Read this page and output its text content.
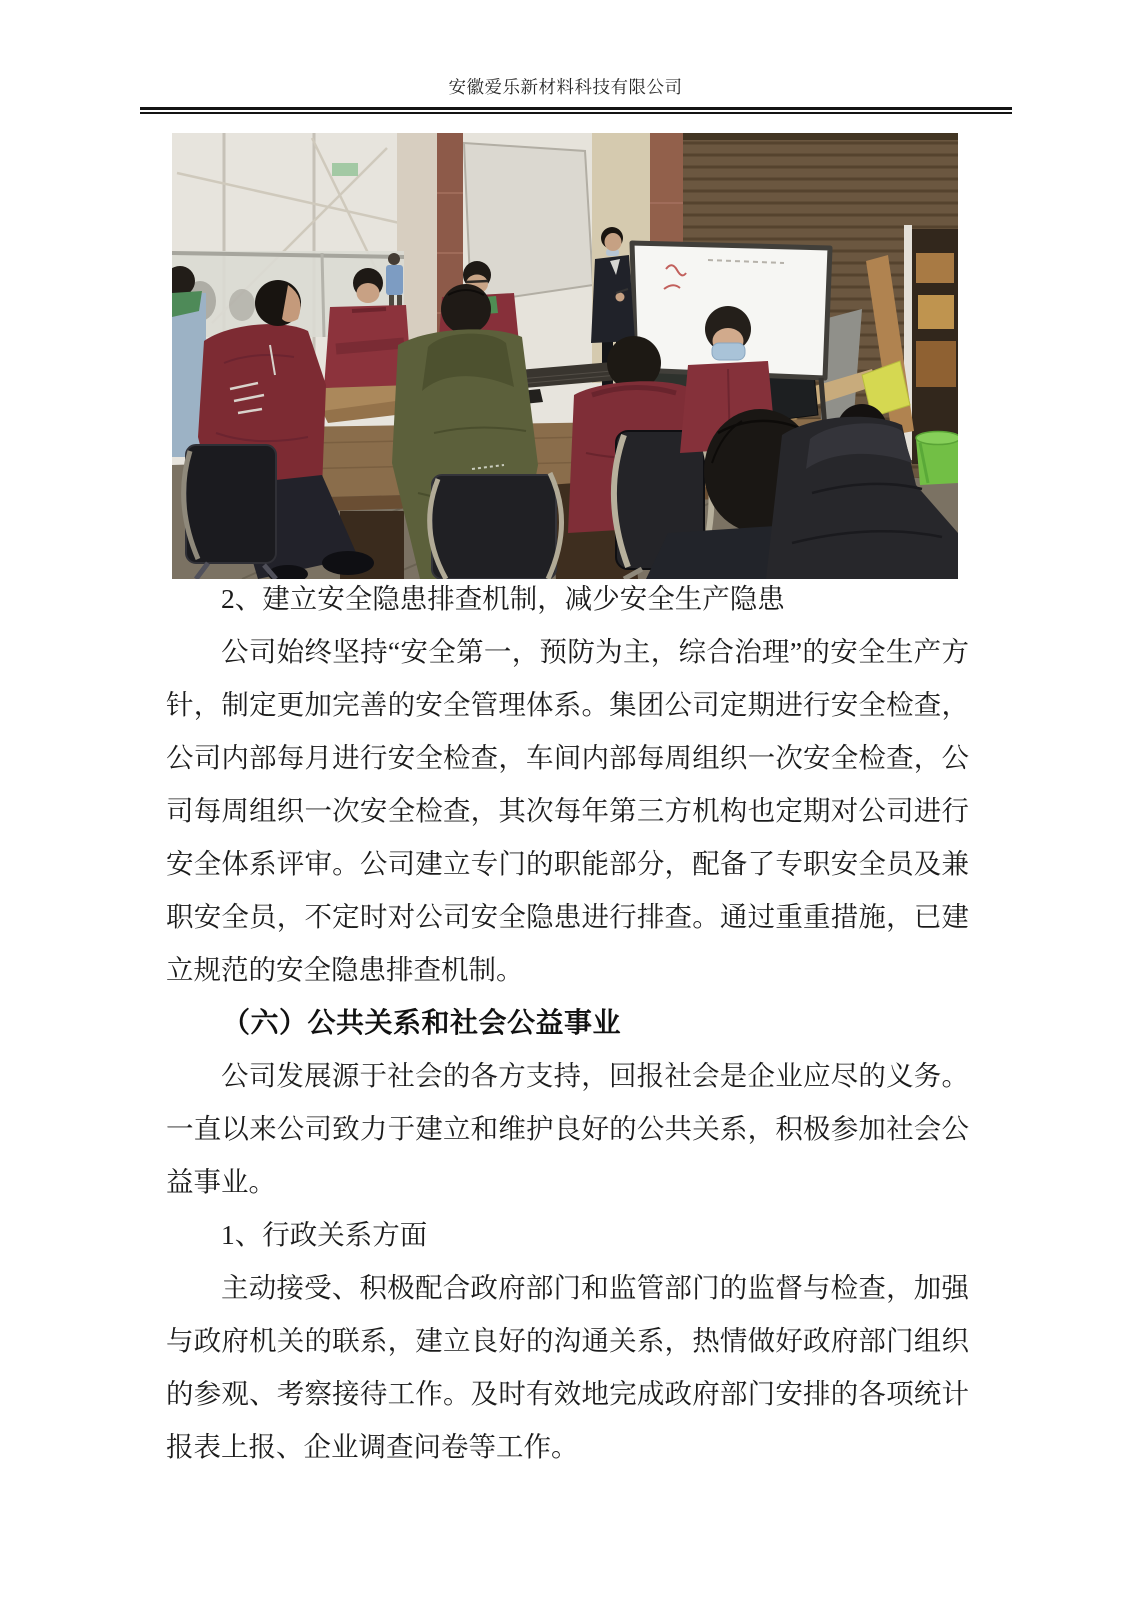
安徽爱乐新材料科技有限公司

2、建立安全隐患排查机制，减少安全生产隐患

公司始终坚持“安全第一，预防为主，综合治理”的安全生产方针，制定更加完善的安全管理体系。集团公司定期进行安全检查，公司内部每月进行安全检查，车间内部每周组织一次安全检查，公司每周组织一次安全检查，其次每年第三方机构也定期对公司进行安全体系评审。公司建立专门的职能部分，配备了专职安全员及兼职安全员，不定时对公司安全隐患进行排查。通过重重措施，已建立规范的安全隐患排查机制。

（六）公共关系和社会公益事业

公司发展源于社会的各方支持，回报社会是企业应尽的义务。一直以来公司致力于建立和维护良好的公共关系，积极参加社会公益事业。

1、行政关系方面

主动接受、积极配合政府部门和监管部门的监督与检查，加强与政府机关的联系，建立良好的沟通关系，热情做好政府部门组织的参观、考察接待工作。及时有效地完成政府部门安排的各项统计报表上报、企业调查问卷等工作。
